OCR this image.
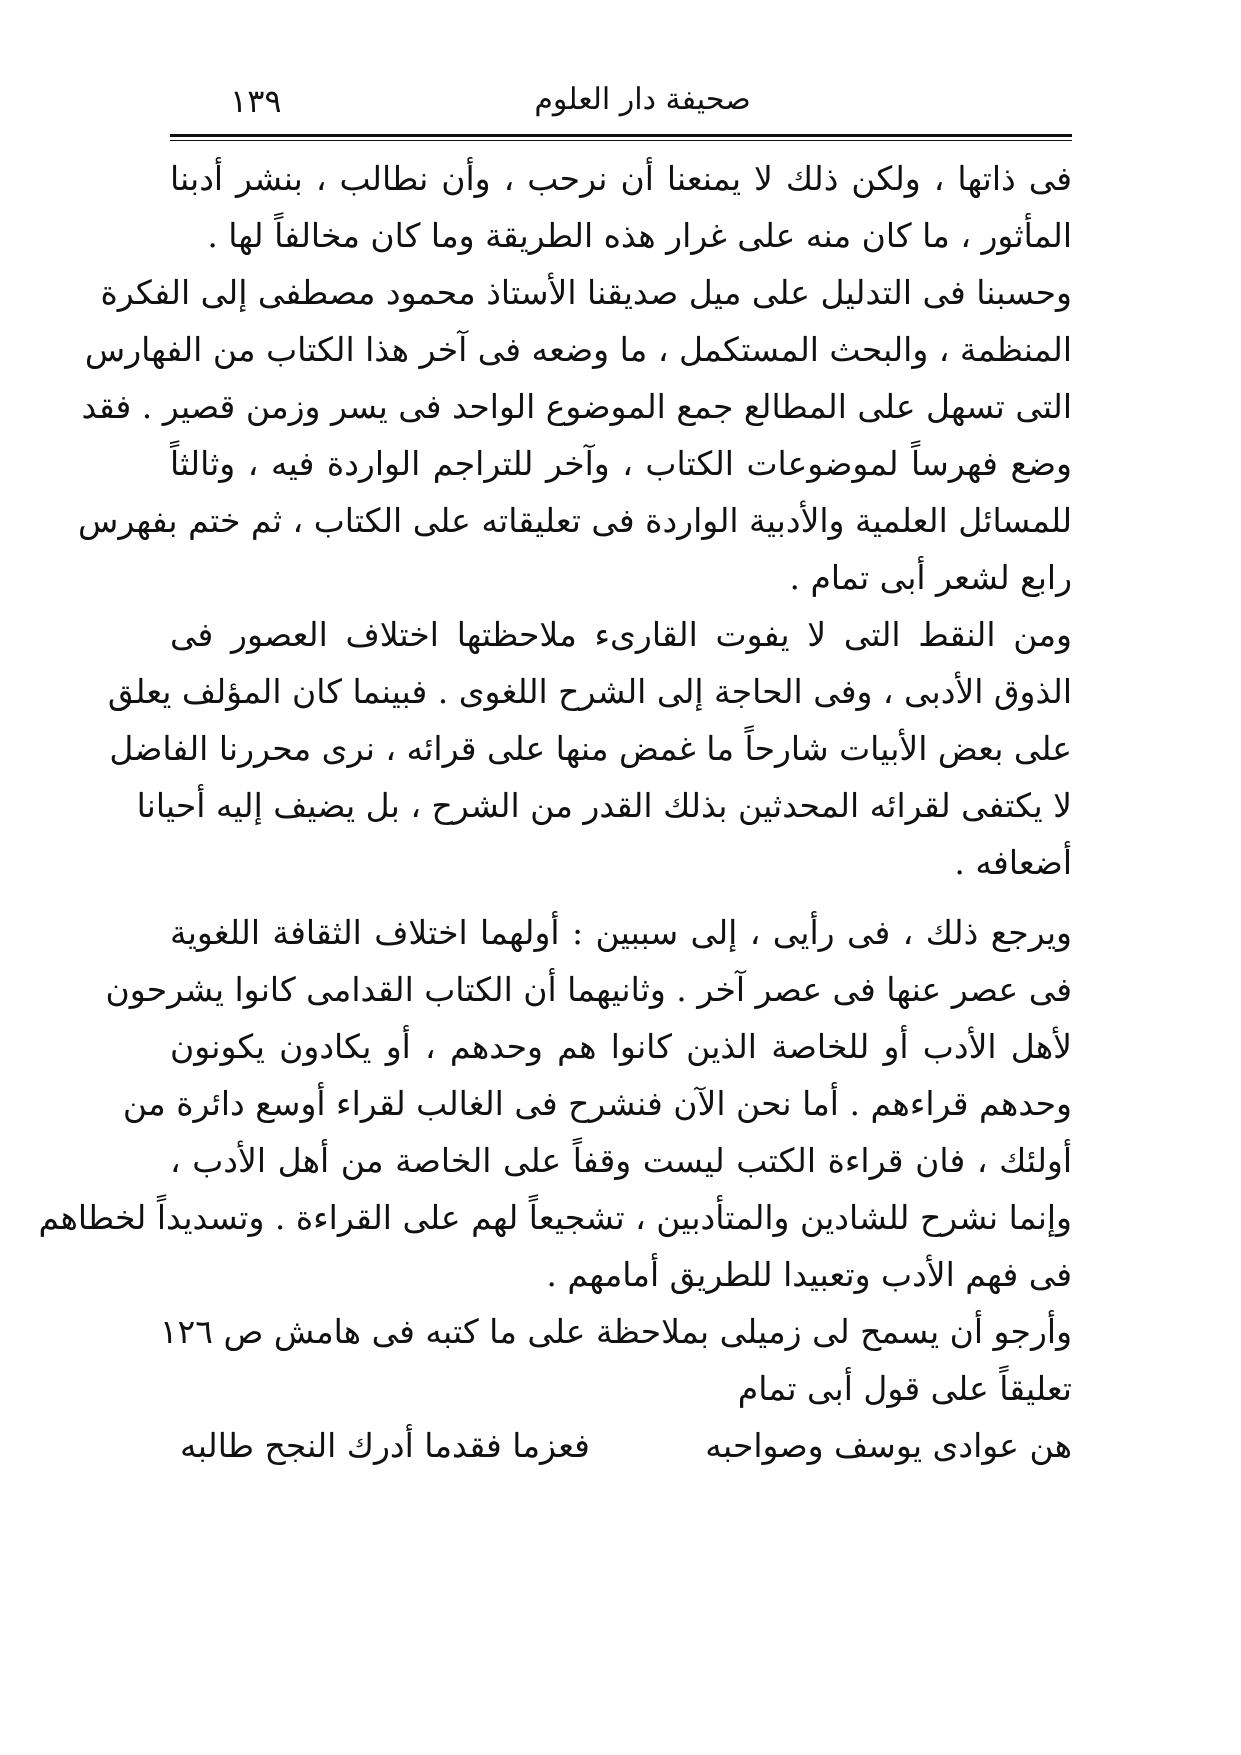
صحيفة دار العلوم
١٣٩
فى ذاتها ، ولكن ذلك لا يمنعنا أن نرحب ، وأن نطالب ، بنشر أدبنا
المأثور ، ما كان منه على غرار هذه الطريقة وما كان مخالفاً لها .
وحسبنا فى التدليل على ميل صديقنا الأستاذ محمود مصطفى إلى الفكرة
المنظمة ، والبحث المستكمل ، ما وضعه فى آخر هذا الكتاب من الفهارس
التى تسهل على المطالع جمع الموضوع الواحد فى يسر وزمن قصير . فقد
وضع فهرساً لموضوعات الكتاب ، وآخر للتراجم الواردة فيه ، وثالثاً
للمسائل العلمية والأدبية الواردة فى تعليقاته على الكتاب ، ثم ختم بفهرس
رابع لشعر أبى تمام .
ومن النقط التى لا يفوت القارىء ملاحظتها اختلاف العصور فى
الذوق الأدبى ، وفى الحاجة إلى الشرح اللغوى . فبينما كان المؤلف يعلق
على بعض الأبيات شارحاً ما غمض منها على قرائه ، نرى محررنا الفاضل
لا يكتفى لقرائه المحدثين بذلك القدر من الشرح ، بل يضيف إليه أحيانا
أضعافه .
ويرجع ذلك ، فى رأيى ، إلى سببين : أولهما اختلاف الثقافة اللغوية
فى عصر عنها فى عصر آخر . وثانيهما أن الكتاب القدامى كانوا يشرحون
لأهل الأدب أو للخاصة الذين كانوا هم وحدهم ، أو يكادون يكونون
وحدهم قراءهم . أما نحن الآن فنشرح فى الغالب لقراء أوسع دائرة من
أولئك ، فان قراءة الكتب ليست وقفاً على الخاصة من أهل الأدب ،
وإنما نشرح للشادين والمتأدبين ، تشجيعاً لهم على القراءة . وتسديداً لخطاهم
فى فهم الأدب وتعبيدا للطريق أمامهم .
وأرجو أن يسمح لى زميلى بملاحظة على ما كتبه فى هامش ص ١٢٦
تعليقاً على قول أبى تمام
هن عوادى يوسف وصواحبه
فعزما فقدما أدرك النجح طالبه
